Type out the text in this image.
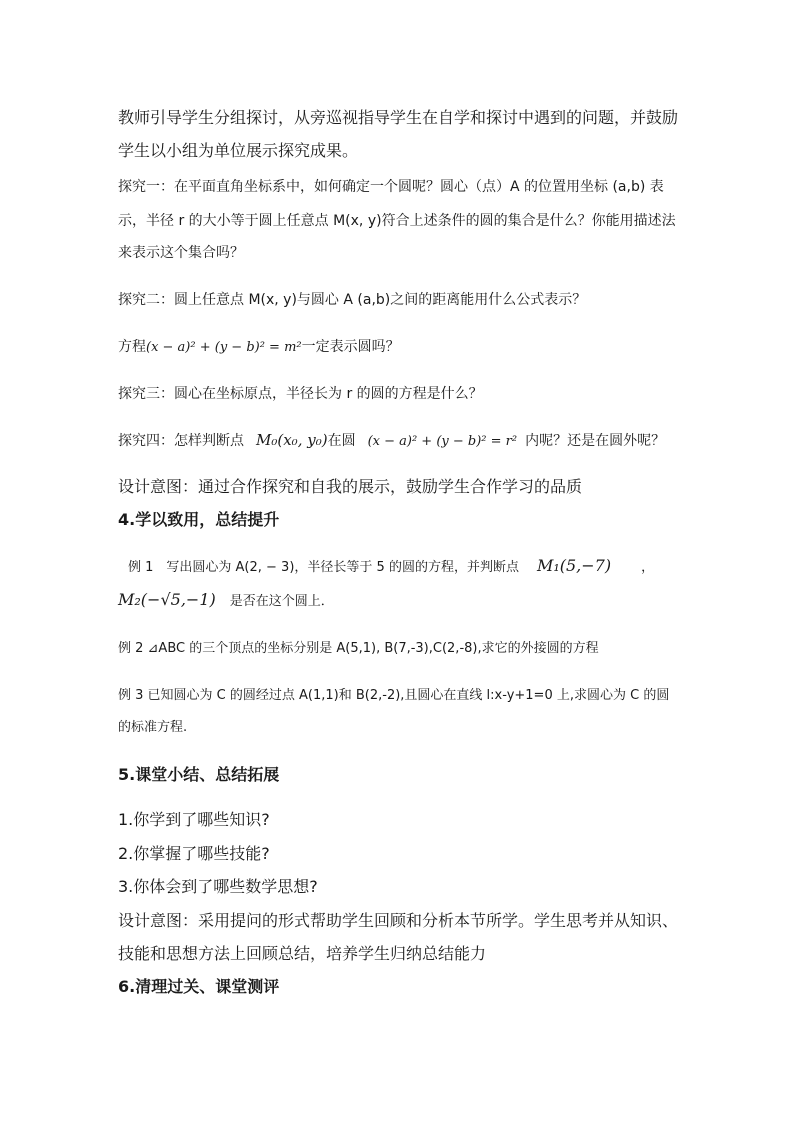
教师引导学生分组探讨，从旁巡视指导学生在自学和探讨中遇到的问题，并鼓励
学生以小组为单位展示探究成果。
探究一：在平面直角坐标系中，如何确定一个圆呢？圆心（点）A 的位置用坐标 (a,b) 表
示，半径 r 的大小等于圆上任意点 M(x, y)符合上述条件的圆的集合是什么？你能用描述法
来表示这个集合吗？
探究二：圆上任意点 M(x, y)与圆心 A (a,b)之间的距离能用什么公式表示？
方程(x − a)² + (y − b)² = m²一定表示圆吗？
探究三：圆心在坐标原点，半径长为 r 的圆的方程是什么？
探究四：怎样判断点 M₀(x₀, y₀)在圆 (x − a)² + (y − b)² = r² 内呢？还是在圆外呢？
设计意图：通过合作探究和自我的展示，鼓励学生合作学习的品质
4.学以致用，总结提升
例 1　写出圆心为 A(2, − 3)，半径长等于 5 的圆的方程，并判断点 M₁(5,−7) ，
M₂(−√5,−1) 是否在这个圆上．
例 2 ⊿ABC 的三个顶点的坐标分别是 A(5,1), B(7,-3),C(2,-8),求它的外接圆的方程
例 3 已知圆心为 C 的圆经过点 A(1,1)和 B(2,-2),且圆心在直线 l:x-y+1=0 上,求圆心为 C 的圆
的标准方程.
5.课堂小结、总结拓展
1.你学到了哪些知识?
2.你掌握了哪些技能?
3.你体会到了哪些数学思想?
设计意图：采用提问的形式帮助学生回顾和分析本节所学。学生思考并从知识、
技能和思想方法上回顾总结，培养学生归纳总结能力
6.清理过关、课堂测评
